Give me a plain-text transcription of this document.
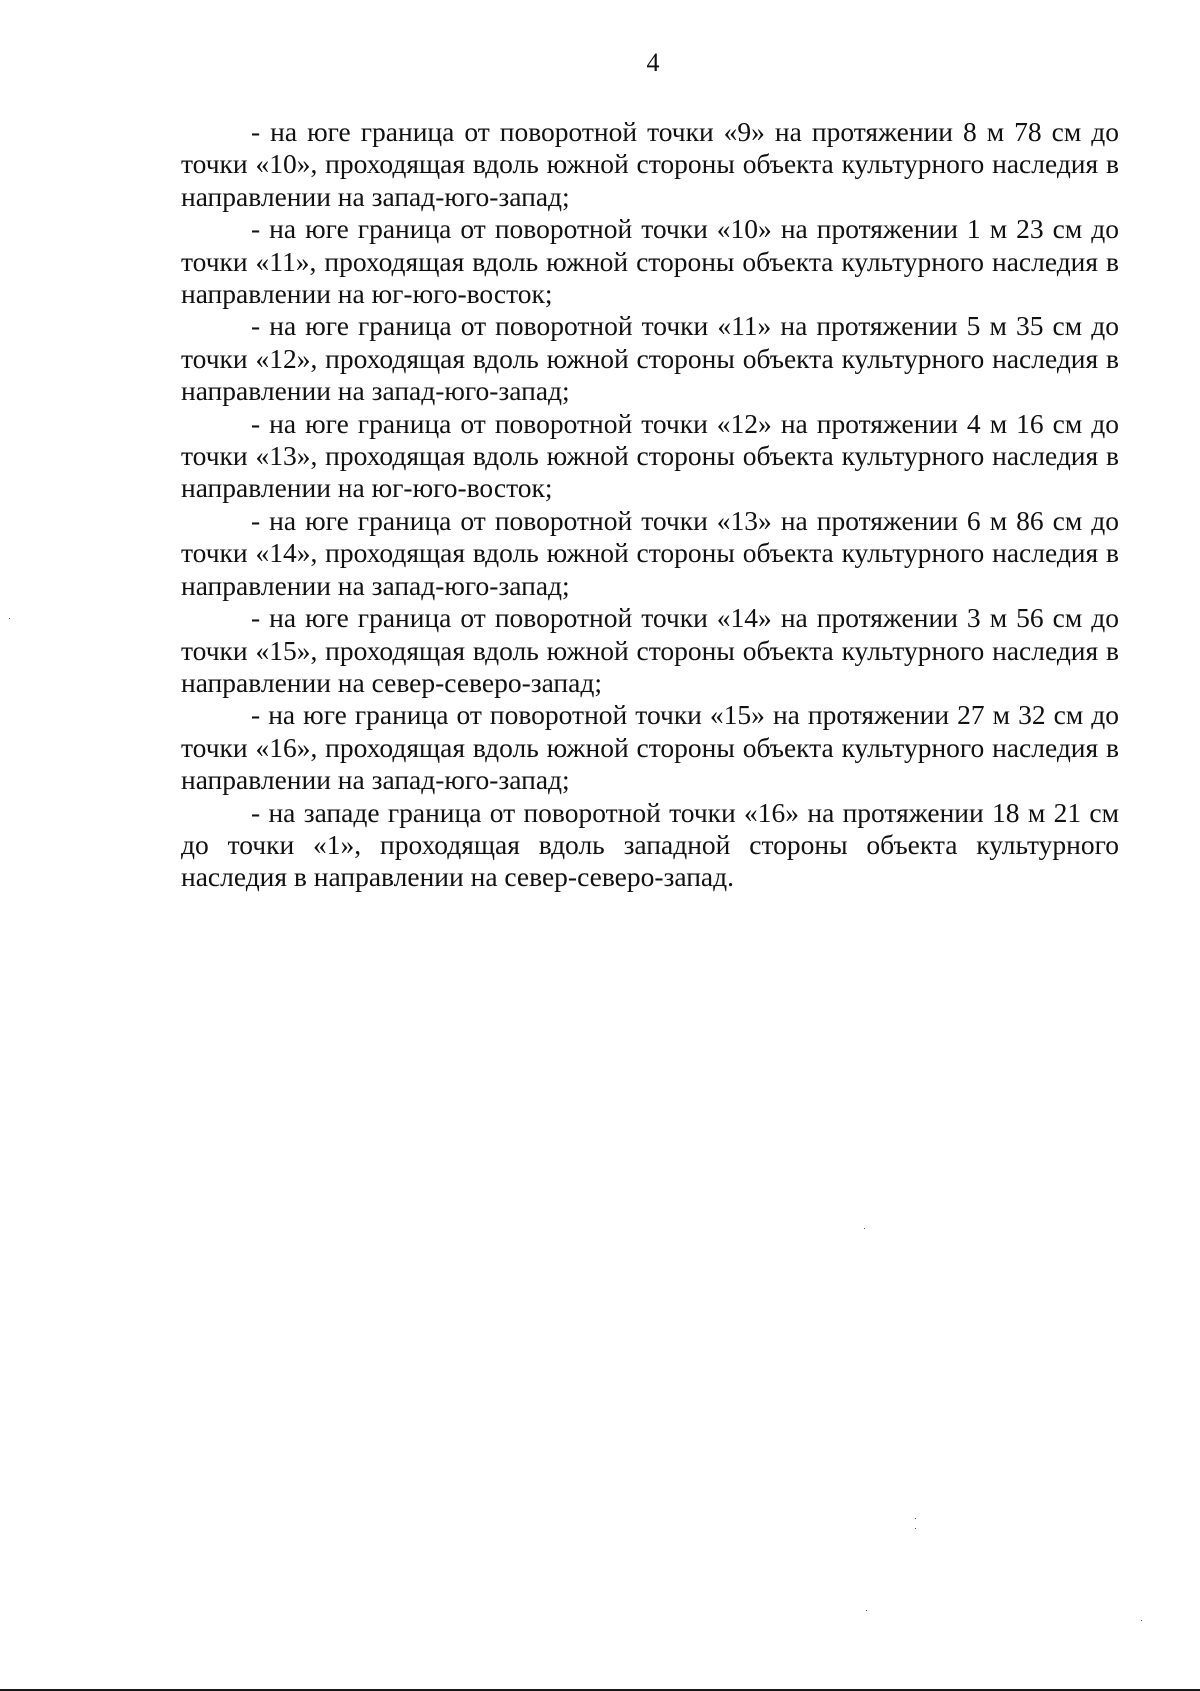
4

- на юге граница от поворотной точки «9» на протяжении 8 м 78 см до точки «10», проходящая вдоль южной стороны объекта культурного наследия в направлении на запад-юго-запад;

- на юге граница от поворотной точки «10» на протяжении 1 м 23 см до точки «11», проходящая вдоль южной стороны объекта культурного наследия в направлении на юг-юго-восток;

- на юге граница от поворотной точки «11» на протяжении 5 м 35 см до точки «12», проходящая вдоль южной стороны объекта культурного наследия в направлении на запад-юго-запад;

- на юге граница от поворотной точки «12» на протяжении 4 м 16 см до точки «13», проходящая вдоль южной стороны объекта культурного наследия в направлении на юг-юго-восток;

- на юге граница от поворотной точки «13» на протяжении 6 м 86 см до точки «14», проходящая вдоль южной стороны объекта культурного наследия в направлении на запад-юго-запад;

- на юге граница от поворотной точки «14» на протяжении 3 м 56 см до точки «15», проходящая вдоль южной стороны объекта культурного наследия в направлении на север-северо-запад;

- на юге граница от поворотной точки «15» на протяжении 27 м 32 см до точки «16», проходящая вдоль южной стороны объекта культурного наследия в направлении на запад-юго-запад;

- на западе граница от поворотной точки «16» на протяжении 18 м 21 см до точки «1», проходящая вдоль западной стороны объекта культурного наследия в направлении на север-северо-запад.
